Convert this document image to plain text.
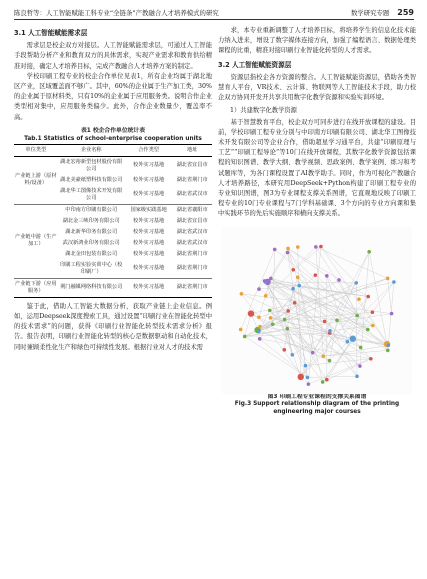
陈良哲等：人工智能赋能工科专业“全链条”产教融合人才培养模式的研究	数学研究专题 259
3.1 人工智能赋能需求层

需求层是校企双方对接层。人工智能赋能需求层，可通过人工智能手段帮助分析产业和教育双方的具体需求，实现产业需求和教育供给精准对接，确定人才培养目标，完成产教融合人才培养方案的制定。

学校印刷工程专业的校企合作单位见表1，所有企业均属于湖北地区产业，区域覆盖面不够广。其中，60%的企业属于生产加工类，30%的企业属于原材料类，只有10%的企业属于应用服务类。说明合作企业类型相对集中，应用服务类偏少。此外，合作企业数量少，覆盖率不高。

表1 校企合作单位统计表
Tab.1 Statistics of school-enterprise cooperation units
单位类型	企业名称	合作类型	地址
产业链上游（原材料/设备）	湖北宏裕新型包材股份有限公司	校外实习基地	湖北省宜昌市
	湖北美豪纸塑科技有限公司	校外实习基地	湖北省荆门市
	湖北华工图像技术开发有限公司	校外实习基地	湖北省武汉市
产业链中游（生产加工）	中印南方印刷有限公司	国家级实践基地	湖北省襄阳市
	湖北金三峡印务有限公司	校外实习基地	湖北省宜昌市
	湖北新华印务有限公司	校外实习基地	湖北省武汉市
	武汉新鸿业印务有限公司	校外实习基地	湖北省武汉市
	湖北金田包装有限公司	校外实习基地	湖北省荆门市
	印刷工程实验实训中心（校印刷厂）	校外实习基地	湖北省荆门市
产业链下游（应用服务）	荆门融媒网络科技有限公司	校外实习基地	湖北省荆门市

鉴于此，借助人工智能大数据分析，获取产业链上企业信息。例如，运用Deepseek深度搜索工具，通过设置“印刷行业在智能化转型中的技术需求”的问题，获得《印刷行业智能化转型技术需求分析》报告。报告表明，印刷行业智能化转型的核心是数据驱动和自动化技术，同时兼顾柔性化生产和绿色可持续性发展。根据行业对人才的技术需

求，本专业重新调整了人才培养目标，将培养学生的信息化技术能力纳入进来，增设了数字媒体连接方向，加强了编程语言、数据处理类课程的比重，精准对接印刷行业智能化转型的人才需求。

3.2 人工智能赋能资源层

资源层指校企各方资源的整合。人工智能赋能资源层，借助各类智慧育人平台，VR技术、云计算、物联网等人工智能技术手段，助力校企双方协同开发开共享共用数字化教学资源和实验实训环境。

1）共建数字化教学资源

基于智慧教育平台，校企双方可同步进行在线开放课程的建设。目前，学校印刷工程专业分别与中印南方印刷有限公司、湖北华工图像技术开发有限公司等企业合作，借助超星学习通平台，共建“印刷原理与工艺”“印刷工程导论”等10门在线开放课程，其数字化教学资源包括课程的知识图谱、教学大纲、教学视频、思政案例、教学案例、练习和考试题库等，为各门课程设置了AI教学助手。同时，作为可视化产教融合人才培养路径，本研究用DeepSeek+Python构建了印刷工程专业的专业知识图谱，图3为专业课程支撑关系图谱，它直观地反映了印刷工程专业的10门专业课程与7门学科基础课、3个方向的专业方向课和集中实践环节的先后实施顺序和横向支撑关系。

图3 印刷工程专业课程的支撑关系图谱
Fig.3 Support relationship diagram of the printing engineering major courses
